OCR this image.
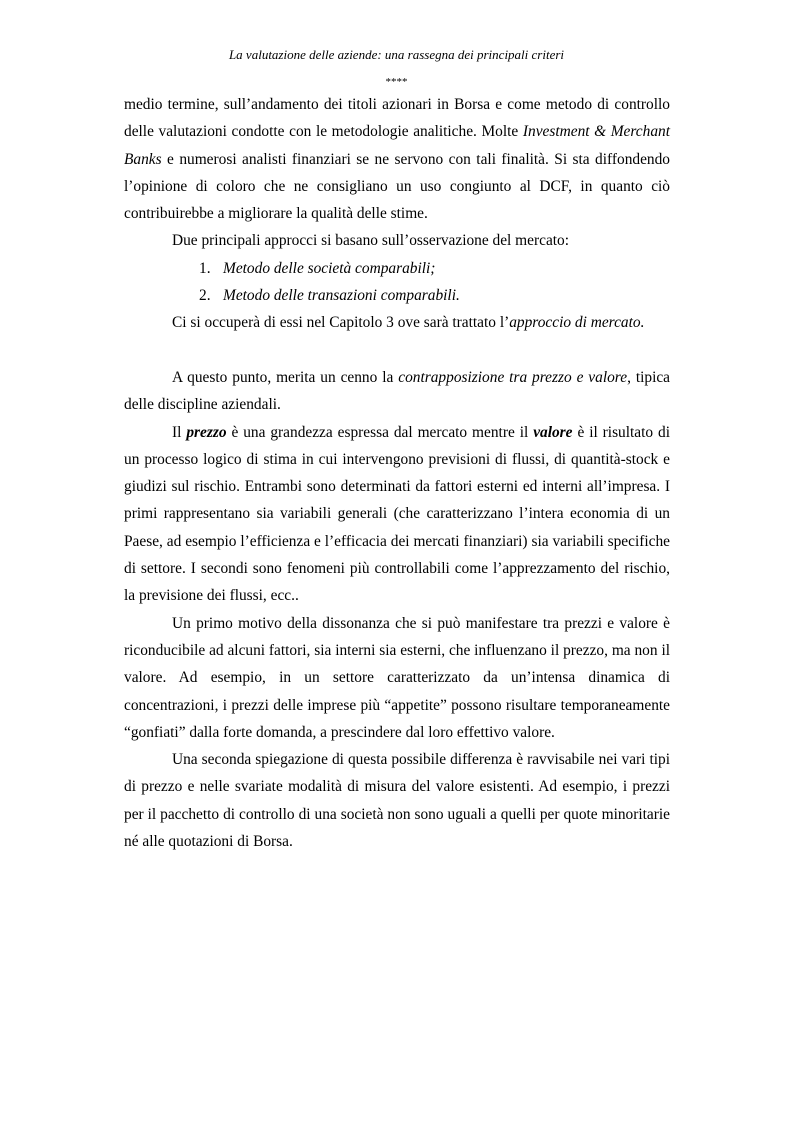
La valutazione delle aziende: una rassegna dei principali criteri
****

medio termine, sull’andamento dei titoli azionari in Borsa e come metodo di controllo delle valutazioni condotte con le metodologie analitiche. Molte Investment & Merchant Banks e numerosi analisti finanziari se ne servono con tali finalità. Si sta diffondendo l’opinione di coloro che ne consigliano un uso congiunto al DCF, in quanto ciò contribuirebbe a migliorare la qualità delle stime.

Due principali approcci si basano sull’osservazione del mercato:

1. Metodo delle società comparabili;
2. Metodo delle transazioni comparabili.

Ci si occuperà di essi nel Capitolo 3 ove sarà trattato l’approccio di mercato.

A questo punto, merita un cenno la contrapposizione tra prezzo e valore, tipica delle discipline aziendali.

Il prezzo è una grandezza espressa dal mercato mentre il valore è il risultato di un processo logico di stima in cui intervengono previsioni di flussi, di quantità-stock e giudizi sul rischio. Entrambi sono determinati da fattori esterni ed interni all’impresa. I primi rappresentano sia variabili generali (che caratterizzano l’intera economia di un Paese, ad esempio l’efficienza e l’efficacia dei mercati finanziari) sia variabili specifiche di settore. I secondi sono fenomeni più controllabili come l’apprezzamento del rischio, la previsione dei flussi, ecc..

Un primo motivo della dissonanza che si può manifestare tra prezzi e valore è riconducibile ad alcuni fattori, sia interni sia esterni, che influenzano il prezzo, ma non il valore. Ad esempio, in un settore caratterizzato da un’intensa dinamica di concentrazioni, i prezzi delle imprese più “appetite” possono risultare temporaneamente “gonfiati” dalla forte domanda, a prescindere dal loro effettivo valore.

Una seconda spiegazione di questa possibile differenza è ravvisabile nei vari tipi di prezzo e nelle svariate modalità di misura del valore esistenti. Ad esempio, i prezzi per il pacchetto di controllo di una società non sono uguali a quelli per quote minoritarie né alle quotazioni di Borsa.
